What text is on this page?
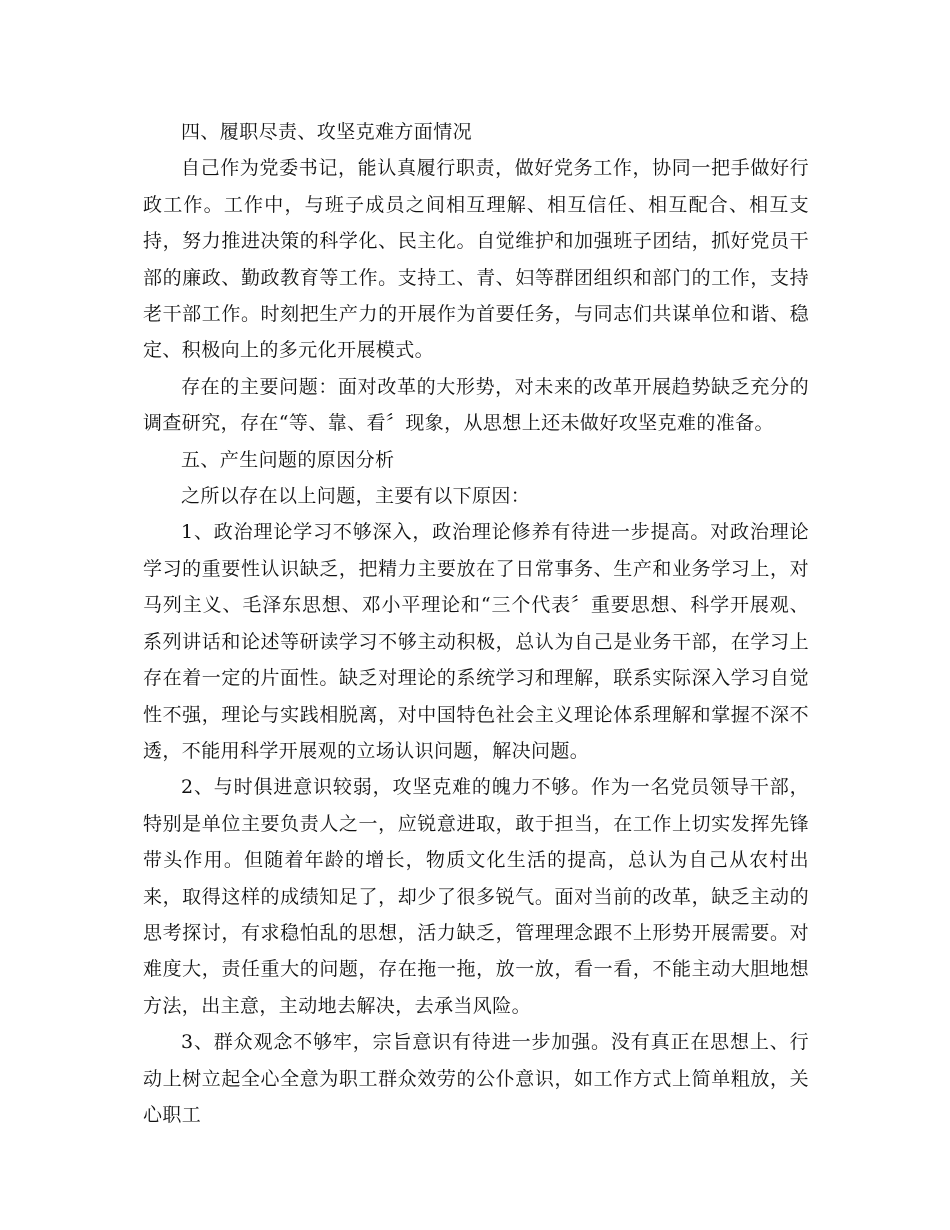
四、履职尽责、攻坚克难方面情况

自己作为党委书记，能认真履行职责，做好党务工作，协同一把手做好行政工作。工作中，与班子成员之间相互理解、相互信任、相互配合、相互支持，努力推进决策的科学化、民主化。自觉维护和加强班子团结，抓好党员干部的廉政、勤政教育等工作。支持工、青、妇等群团组织和部门的工作，支持老干部工作。时刻把生产力的开展作为首要任务，与同志们共谋单位和谐、稳定、积极向上的多元化开展模式。

存在的主要问题：面对改革的大形势，对未来的改革开展趋势缺乏充分的调查研究，存在“等、靠、看〞现象，从思想上还未做好攻坚克难的准备。

五、产生问题的原因分析

之所以存在以上问题，主要有以下原因：

1、政治理论学习不够深入，政治理论修养有待进一步提高。对政治理论学习的重要性认识缺乏，把精力主要放在了日常事务、生产和业务学习上，对马列主义、毛泽东思想、邓小平理论和“三个代表〞重要思想、科学开展观、系列讲话和论述等研读学习不够主动积极，总认为自己是业务干部，在学习上存在着一定的片面性。缺乏对理论的系统学习和理解，联系实际深入学习自觉性不强，理论与实践相脱离，对中国特色社会主义理论体系理解和掌握不深不透，不能用科学开展观的立场认识问题，解决问题。

2、与时俱进意识较弱，攻坚克难的魄力不够。作为一名党员领导干部，特别是单位主要负责人之一，应锐意进取，敢于担当，在工作上切实发挥先锋带头作用。但随着年龄的增长，物质文化生活的提高，总认为自己从农村出来，取得这样的成绩知足了，却少了很多锐气。面对当前的改革，缺乏主动的思考探讨，有求稳怕乱的思想，活力缺乏，管理理念跟不上形势开展需要。对难度大，责任重大的问题，存在拖一拖，放一放，看一看，不能主动大胆地想方法，出主意，主动地去解决，去承当风险。

3、群众观念不够牢，宗旨意识有待进一步加强。没有真正在思想上、行动上树立起全心全意为职工群众效劳的公仆意识，如工作方式上简单粗放，关心职工
